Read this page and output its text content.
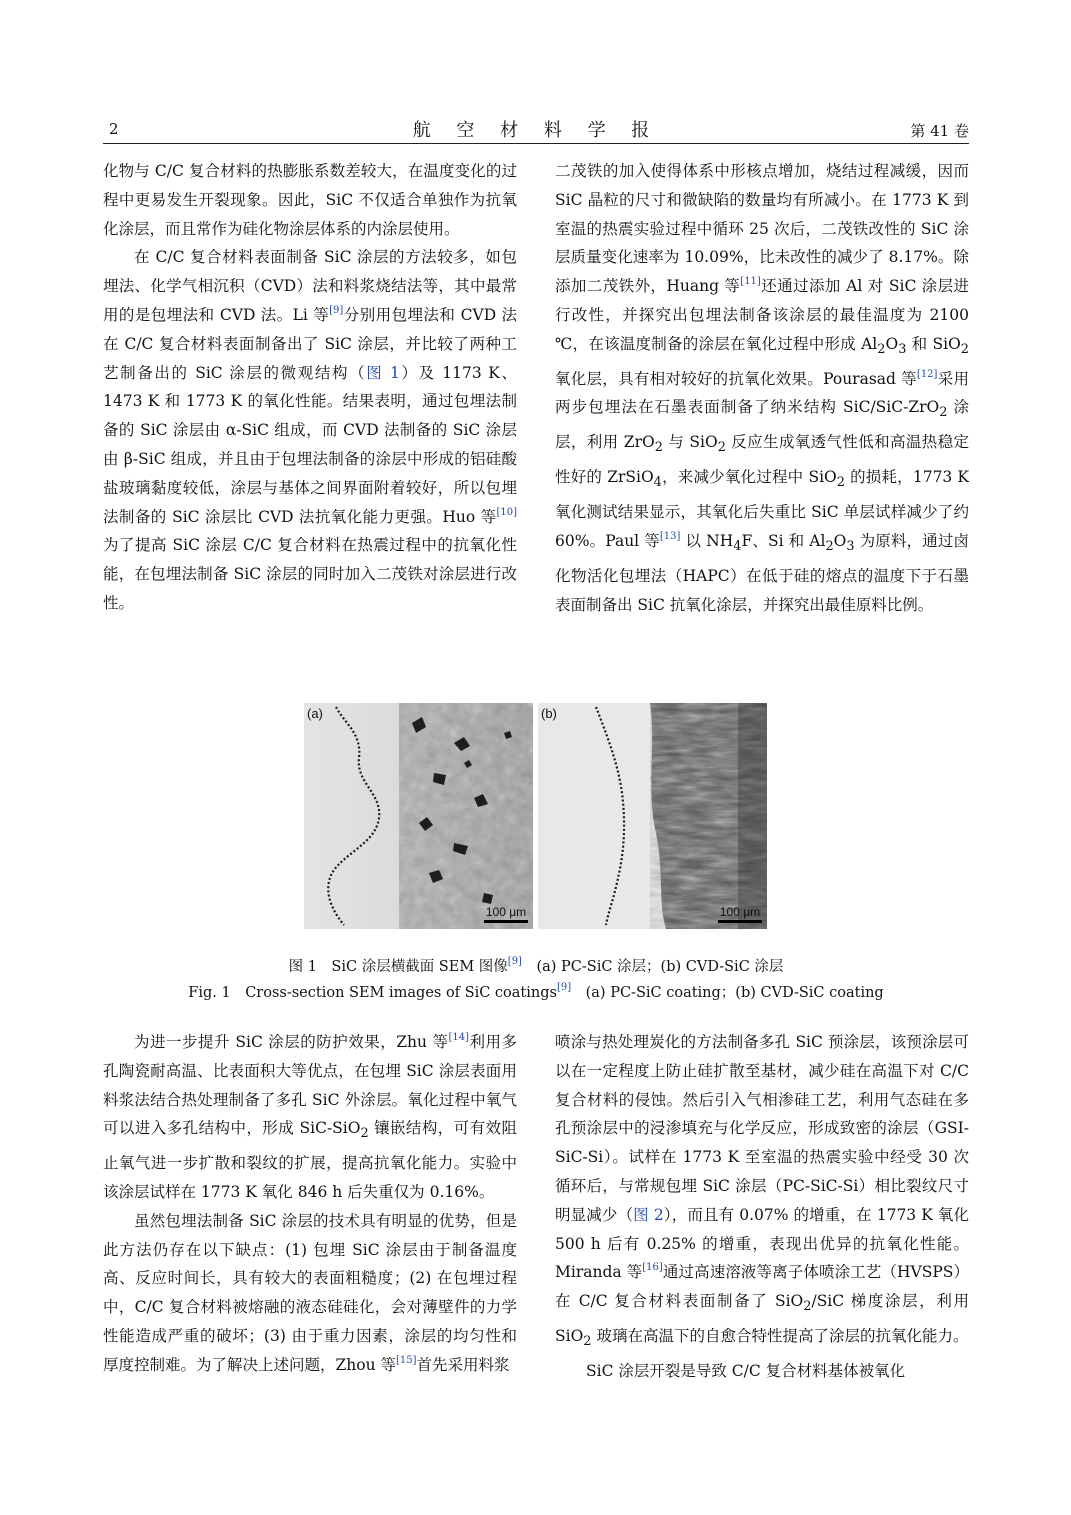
2	航 空 材 料 学 报	第 41 卷

化物与 C/C 复合材料的热膨胀系数差较大，在温度变化的过程中更易发生开裂现象。因此，SiC 不仅适合单独作为抗氧化涂层，而且常作为硅化物涂层体系的内涂层使用。

在 C/C 复合材料表面制备 SiC 涂层的方法较多，如包埋法、化学气相沉积（CVD）法和料浆烧结法等，其中最常用的是包埋法和 CVD 法。Li 等[9]分别用包埋法和 CVD 法在 C/C 复合材料表面制备出了 SiC 涂层，并比较了两种工艺制备出的 SiC 涂层的微观结构（图 1）及 1173 K、1473 K 和 1773 K 的氧化性能。结果表明，通过包埋法制备的 SiC 涂层由 α-SiC 组成，而 CVD 法制备的 SiC 涂层由 β-SiC 组成，并且由于包埋法制备的涂层中形成的铝硅酸盐玻璃黏度较低，涂层与基体之间界面附着较好，所以包埋法制备的 SiC 涂层比 CVD 法抗氧化能力更强。Huo 等[10]为了提高 SiC 涂层 C/C 复合材料在热震过程中的抗氧化性能，在包埋法制备 SiC 涂层的同时加入二茂铁对涂层进行改性。

二茂铁的加入使得体系中形核点增加，烧结过程减缓，因而 SiC 晶粒的尺寸和微缺陷的数量均有所减小。在 1773 K 到室温的热震实验过程中循环 25 次后，二茂铁改性的 SiC 涂层质量变化速率为 10.09%，比未改性的减少了 8.17%。除添加二茂铁外，Huang 等[11]还通过添加 Al 对 SiC 涂层进行改性，并探究出包埋法制备该涂层的最佳温度为 2100 ℃，在该温度制备的涂层在氧化过程中形成 $Al_2O_3$ 和 SiO$_2$ 氧化层，具有相对较好的抗氧化效果。Pourasad 等[12]采用两步包埋法在石墨表面制备了纳米结构 SiC/SiC-ZrO$_2$ 涂层，利用 ZrO$_2$ 与 SiO$_2$ 反应生成氧透气性低和高温热稳定性好的 ZrSiO$_4$，来减少氧化过程中 SiO$_2$ 的损耗，1773 K 氧化测试结果显示，其氧化后失重比 SiC 单层试样减少了约 60%。Paul 等[13] 以 $NH_4F$、Si 和 $Al_2O_3$ 为原料，通过卤化物活化包埋法（HAPC）在低于硅的熔点的温度下于石墨表面制备出 SiC 抗氧化涂层，并探究出最佳原料比例。

(a)
100 μm
(b)
100 μm
图 1　SiC 涂层横截面 SEM 图像[9]　(a) PC-SiC 涂层；(b) CVD-SiC 涂层
Fig. 1　Cross-section SEM images of SiC coatings[9]　(a) PC-SiC coating；(b) CVD-SiC coating

为进一步提升 SiC 涂层的防护效果，Zhu 等[14]利用多孔陶瓷耐高温、比表面积大等优点，在包埋 SiC 涂层表面用料浆法结合热处理制备了多孔 SiC 外涂层。氧化过程中氧气可以进入多孔结构中，形成 SiC-SiO$_2$ 镶嵌结构，可有效阻止氧气进一步扩散和裂纹的扩展，提高抗氧化能力。实验中该涂层试样在 1773 K 氧化 846 h 后失重仅为 0.16%。

虽然包埋法制备 SiC 涂层的技术具有明显的优势，但是此方法仍存在以下缺点：(1) 包埋 SiC 涂层由于制备温度高、反应时间长，具有较大的表面粗糙度；(2) 在包埋过程中，C/C 复合材料被熔融的液态硅硅化，会对薄壁件的力学性能造成严重的破坏；(3) 由于重力因素，涂层的均匀性和厚度控制难。为了解决上述问题，Zhou 等[15]首先采用料浆

喷涂与热处理炭化的方法制备多孔 SiC 预涂层，该预涂层可以在一定程度上防止硅扩散至基材，减少硅在高温下对 C/C 复合材料的侵蚀。然后引入气相渗硅工艺，利用气态硅在多孔预涂层中的浸渗填充与化学反应，形成致密的涂层（GSI-SiC-Si）。试样在 1773 K 至室温的热震实验中经受 30 次循环后，与常规包埋 SiC 涂层（PC-SiC-Si）相比裂纹尺寸明显减少（图 2），而且有 0.07% 的增重，在 1773 K 氧化 500 h 后有 0.25% 的增重，表现出优异的抗氧化性能。Miranda 等[16]通过高速溶液等离子体喷涂工艺（HVSPS）在 C/C 复合材料表面制备了 SiO$_2$/SiC 梯度涂层，利用 SiO$_2$ 玻璃在高温下的自愈合特性提高了涂层的抗氧化能力。

SiC 涂层开裂是导致 C/C 复合材料基体被氧化
